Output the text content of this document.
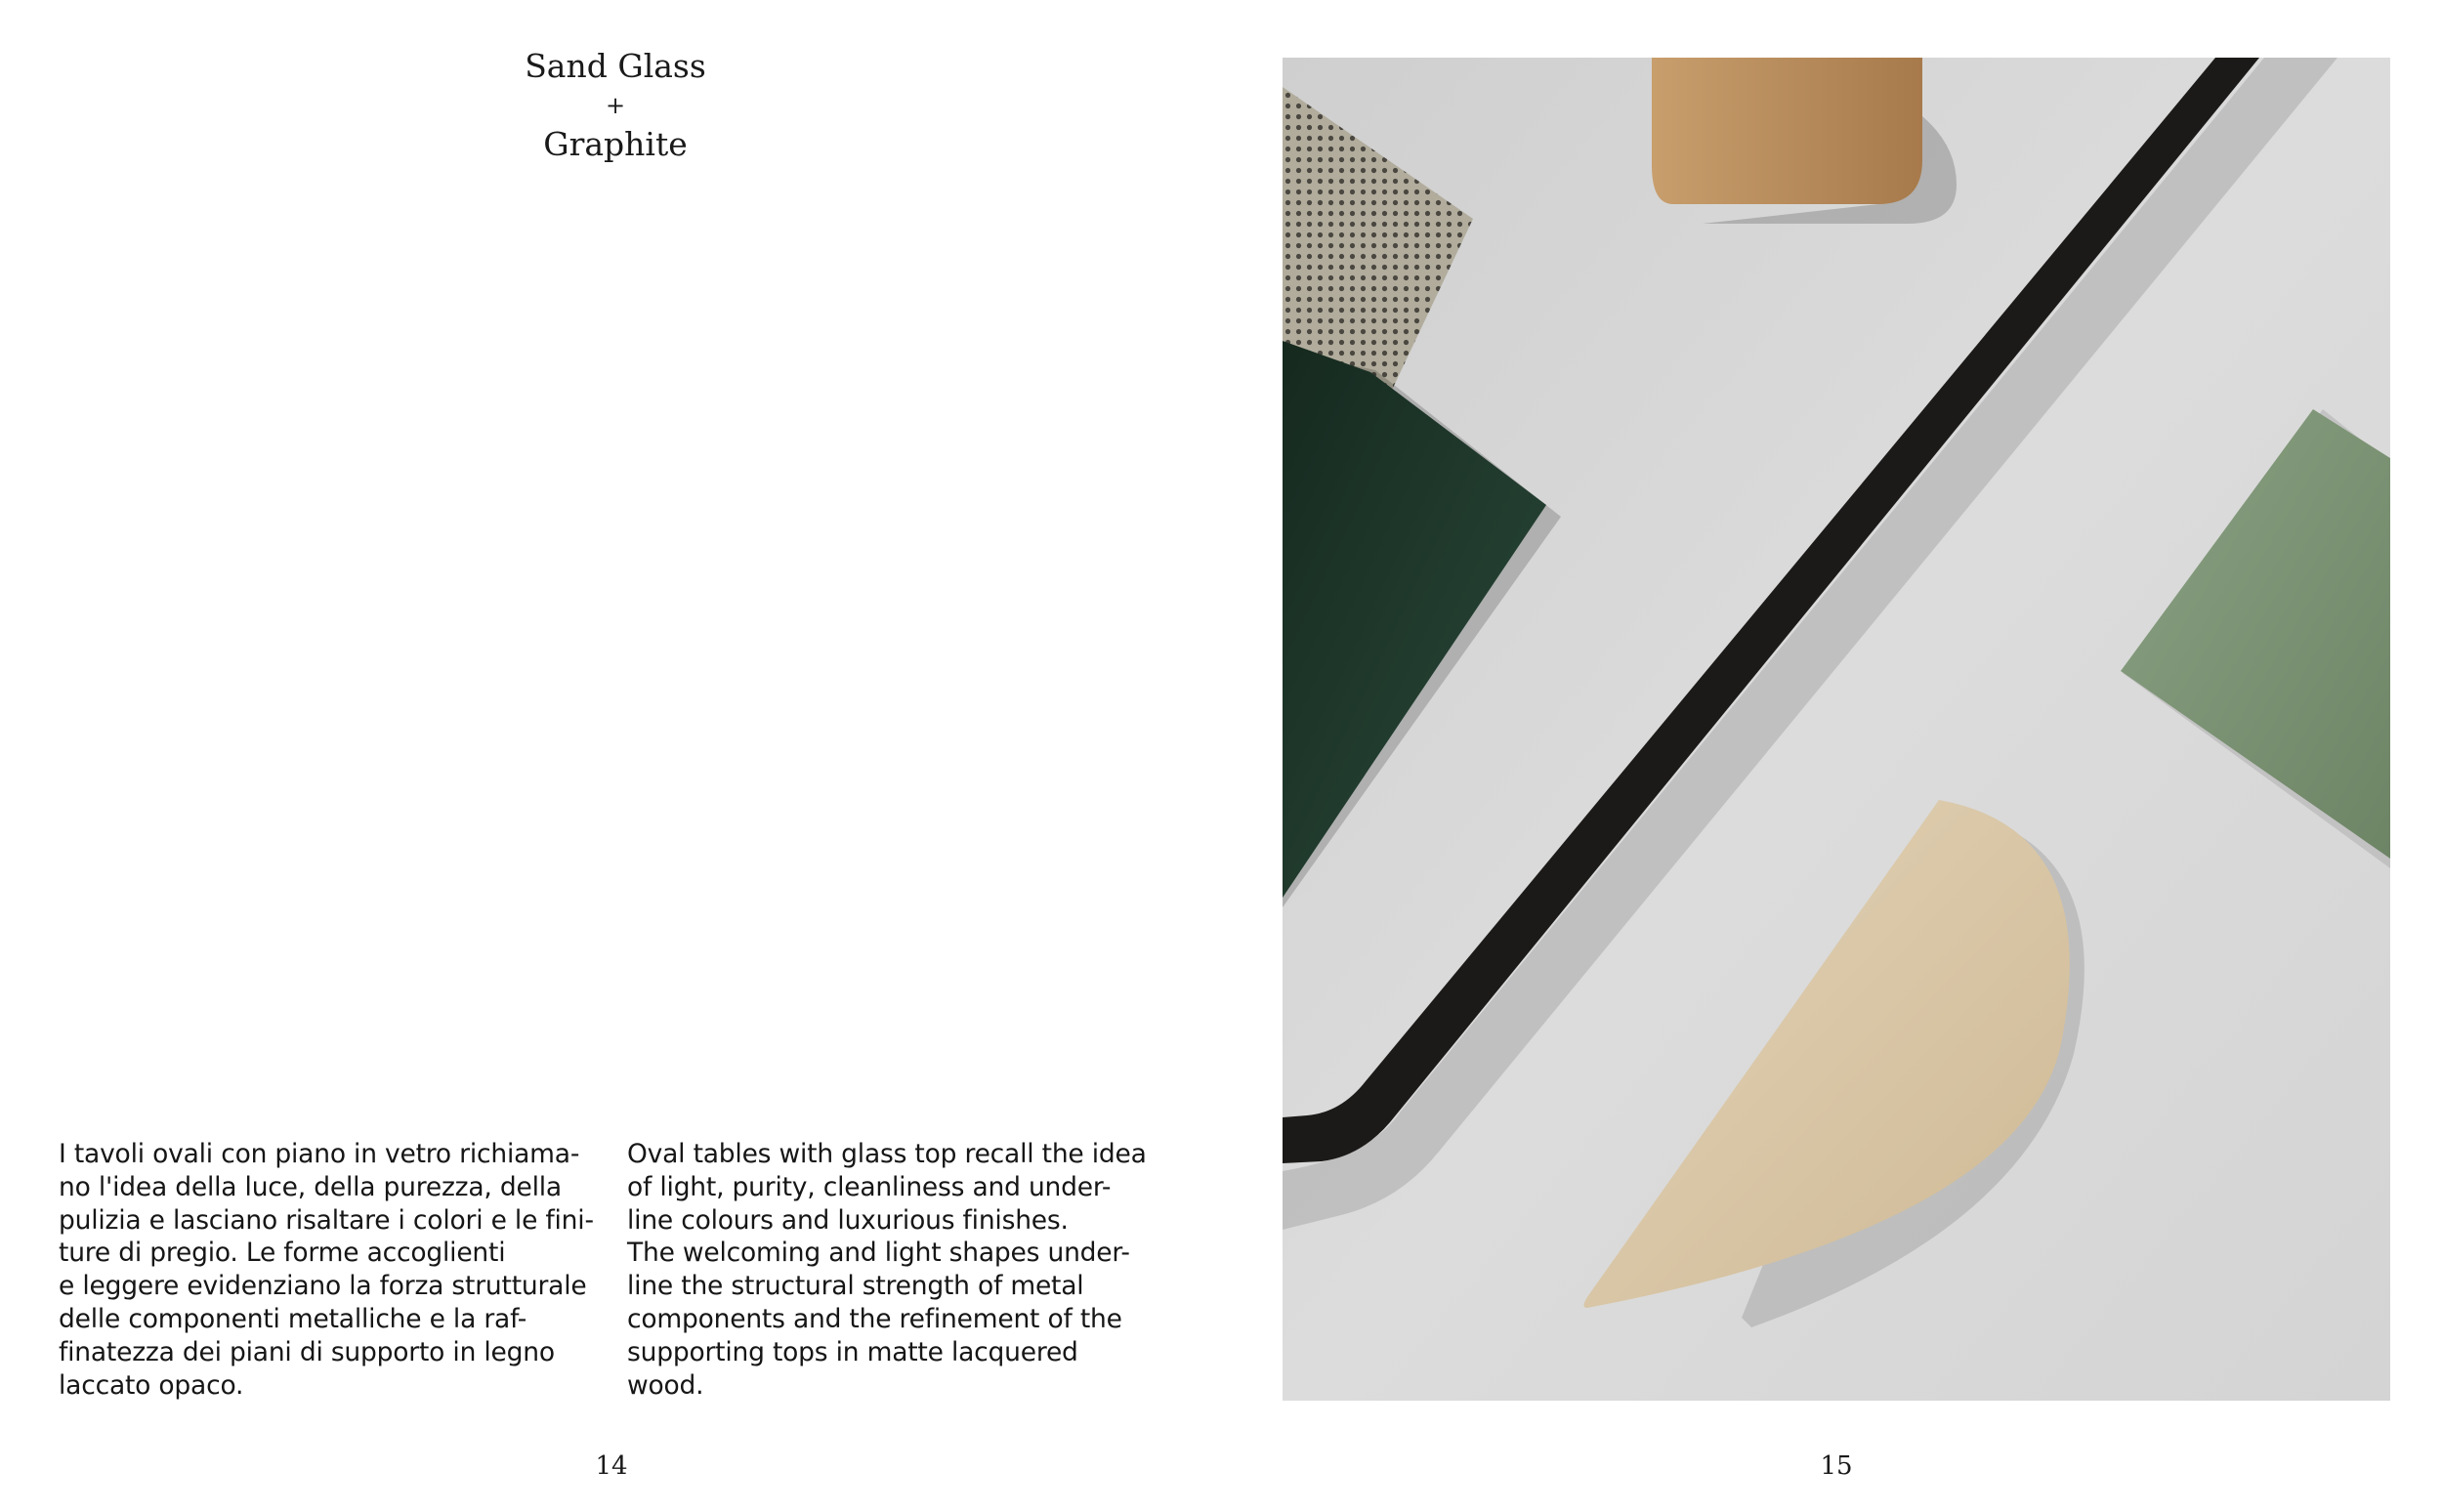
Sand Glass
+
Graphite
I tavoli ovali con piano in vetro richiama-
no l'idea della luce, della purezza, della
pulizia e lasciano risaltare i colori e le fini-
ture di pregio. Le forme accoglienti
e leggere evidenziano la forza strutturale
delle componenti metalliche e la raf-
finatezza dei piani di supporto in legno
laccato opaco.
Oval tables with glass top recall the idea
of light, purity, cleanliness and under-
line colours and luxurious finishes.
The welcoming and light shapes under-
line the structural strength of metal
components and the refinement of the
supporting tops in matte lacquered
wood.
14	15
